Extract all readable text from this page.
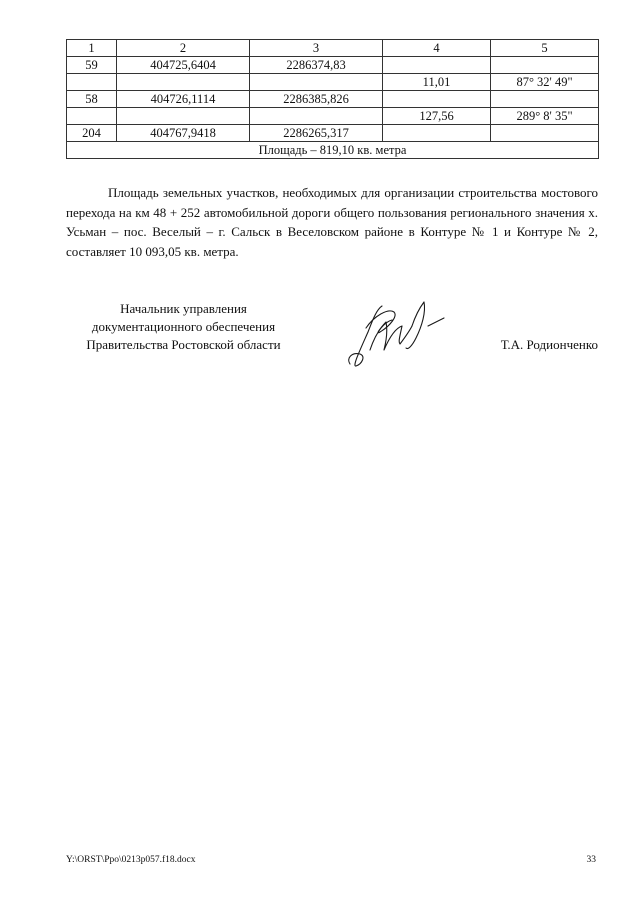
1	2	3	4	5
59	404725,6404	2286374,83		
			11,01	87° 32' 49"
58	404726,1114	2286385,826		
			127,56	289° 8' 35"
204	404767,9418	2286265,317		
Площадь – 819,10 кв. метра				
Площадь земельных участков, необходимых для организации строительства мостового перехода на км 48 + 252 автомобильной дороги общего пользования регионального значения х. Усьман – пос. Веселый – г. Сальск в Веселовском районе в Контуре № 1 и Контуре № 2, составляет 10 093,05 кв. метра.
Начальник управления
документационного обеспечения
Правительства Ростовской области	Т.А. Родионченко
Y:\ORST\Ppo\0213p057.f18.docx	33
